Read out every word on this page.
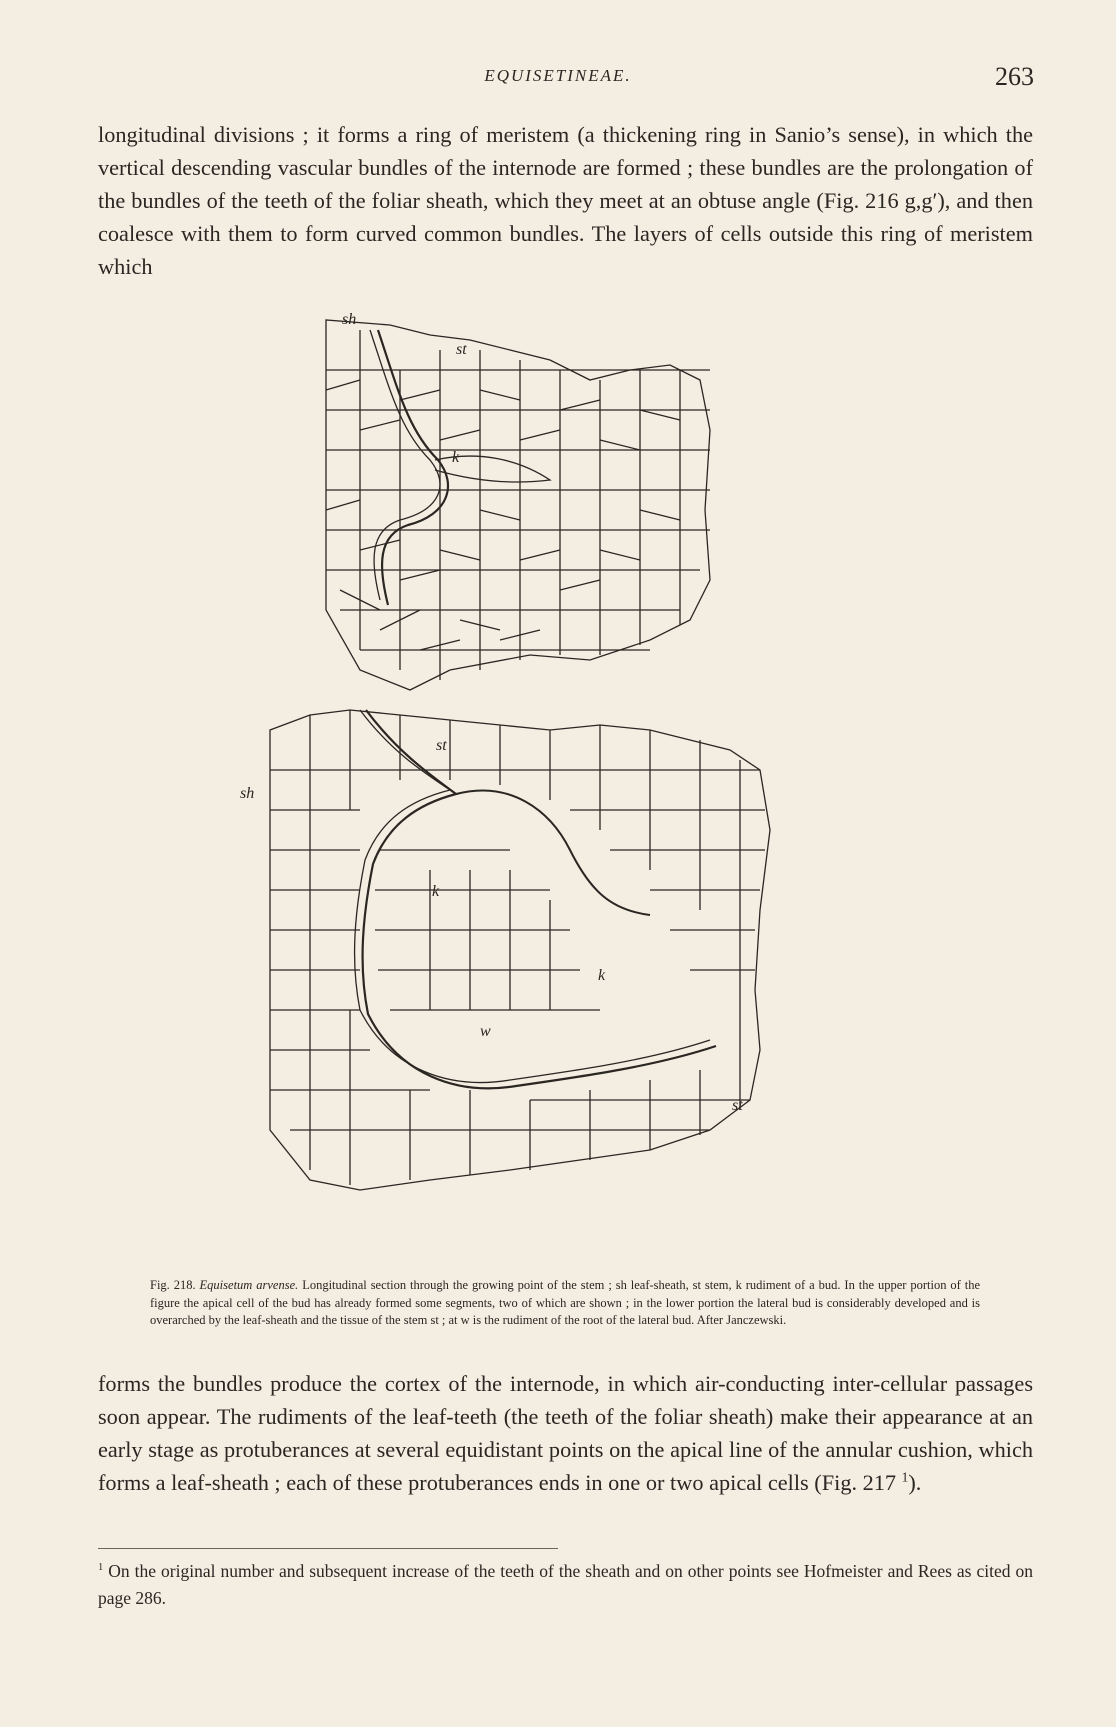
EQUISETINEAE.	263
longitudinal divisions ; it forms a ring of meristem (a thickening ring in Sanio’s sense), in which the vertical descending vascular bundles of the internode are formed ; these bundles are the prolongation of the bundles of the teeth of the foliar sheath, which they meet at an obtuse angle (Fig. 216 g,g′), and then coalesce with them to form curved common bundles. The layers of cells outside this ring of meristem which
sh
st
k
st
sh
k
k
w
st
Fig. 218. Equisetum arvense. Longitudinal section through the growing point of the stem ; sh leaf-sheath, st stem, k rudiment of a bud. In the upper portion of the figure the apical cell of the bud has already formed some segments, two of which are shown ; in the lower portion the lateral bud is considerably developed and is overarched by the leaf-sheath and the tissue of the stem st ; at w is the rudiment of the root of the lateral bud. After Janczewski.
forms the bundles produce the cortex of the internode, in which air-conducting inter-cellular passages soon appear. The rudiments of the leaf-teeth (the teeth of the foliar sheath) make their appearance at an early stage as protuberances at several equidistant points on the apical line of the annular cushion, which forms a leaf-sheath ; each of these protuberances ends in one or two apical cells (Fig. 217 $^1$).
$^1$ On the original number and subsequent increase of the teeth of the sheath and on other points see Hofmeister and Rees as cited on page 286.
